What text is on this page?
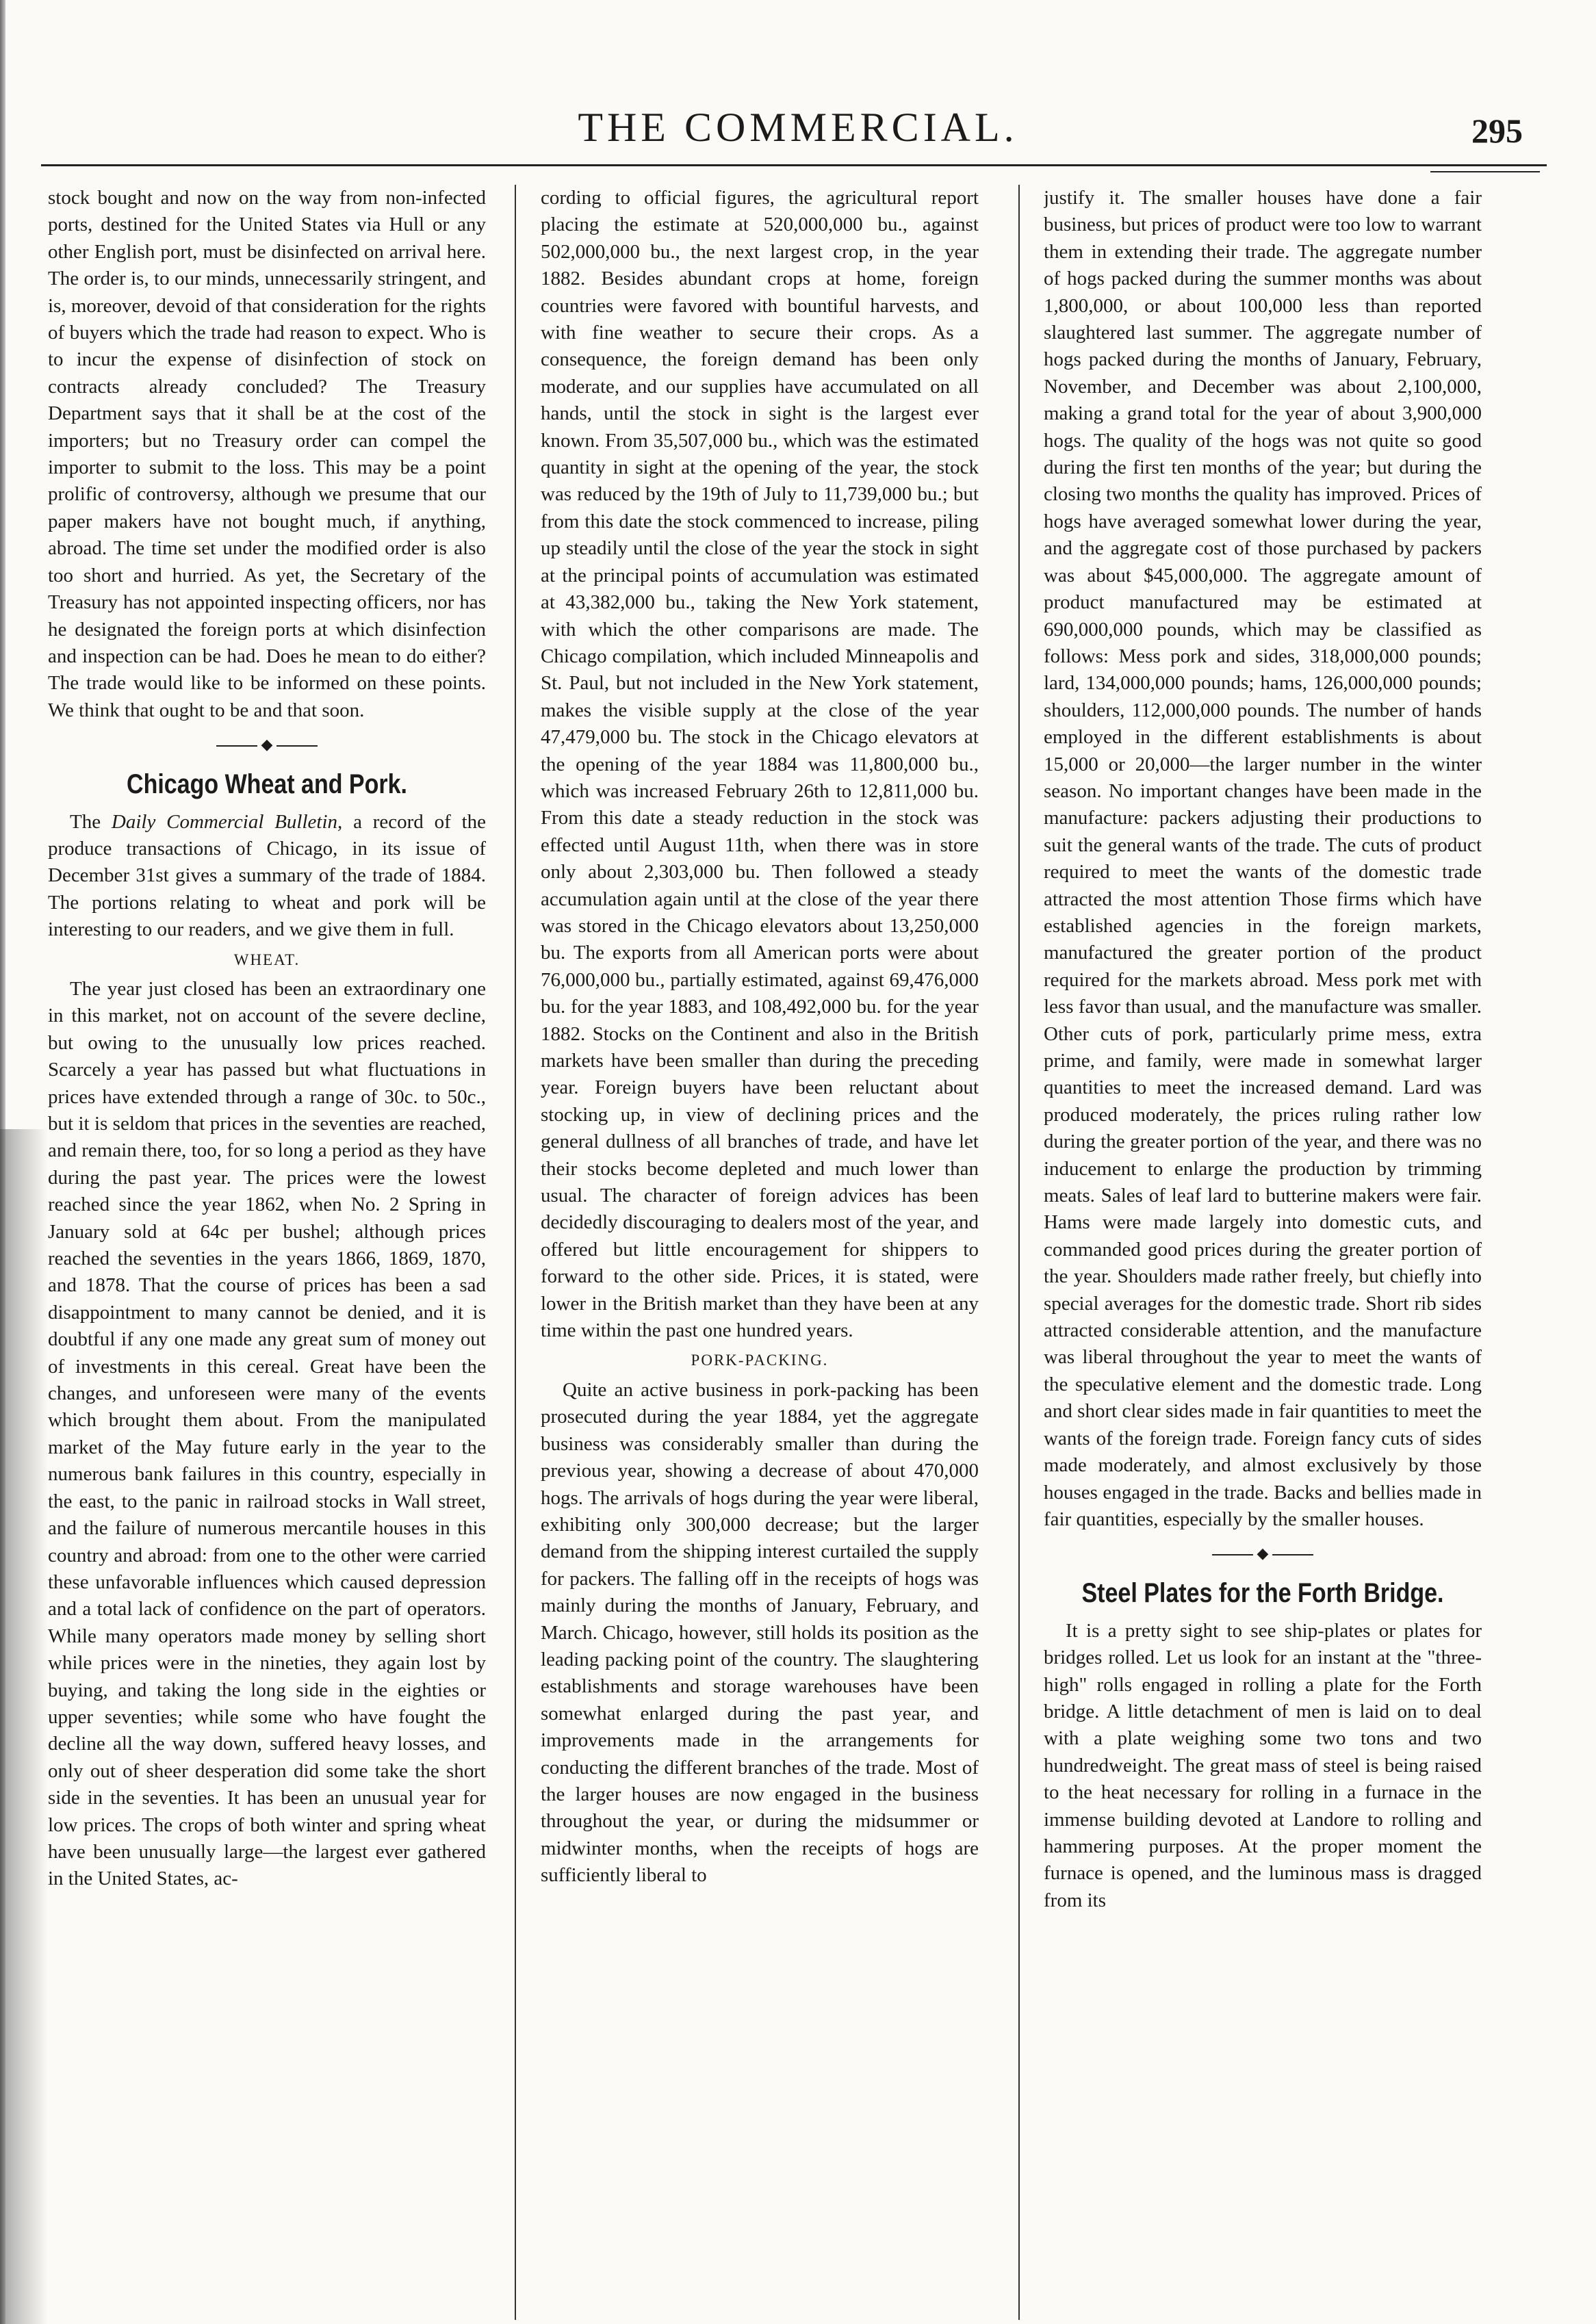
THE COMMERCIAL.	295

stock bought and now on the way from non-infected ports, destined for the United States via Hull or any other English port, must be disinfected on arrival here. The order is, to our minds, unnecessarily stringent, and is, moreover, devoid of that consideration for the rights of buyers which the trade had reason to expect. Who is to incur the expense of disinfection of stock on contracts already concluded? The Treasury Department says that it shall be at the cost of the importers; but no Treasury order can compel the importer to submit to the loss. This may be a point prolific of controversy, although we presume that our paper makers have not bought much, if anything, abroad. The time set under the modified order is also too short and hurried. As yet, the Secretary of the Treasury has not appointed inspecting officers, nor has he designated the foreign ports at which disinfection and inspection can be had. Does he mean to do either? The trade would like to be informed on these points. We think that ought to be and that soon.

◆
Chicago Wheat and Pork.

The Daily Commercial Bulletin, a record of the produce transactions of Chicago, in its issue of December 31st gives a summary of the trade of 1884. The portions relating to wheat and pork will be interesting to our readers, and we give them in full.

WHEAT.

The year just closed has been an extraordinary one in this market, not on account of the severe decline, but owing to the unusually low prices reached. Scarcely a year has passed but what fluctuations in prices have extended through a range of 30c. to 50c., but it is seldom that prices in the seventies are reached, and remain there, too, for so long a period as they have during the past year. The prices were the lowest reached since the year 1862, when No. 2 Spring in January sold at 64c per bushel; although prices reached the seventies in the years 1866, 1869, 1870, and 1878. That the course of prices has been a sad disappointment to many cannot be denied, and it is doubtful if any one made any great sum of money out of investments in this cereal. Great have been the changes, and unforeseen were many of the events which brought them about. From the manipulated market of the May future early in the year to the numerous bank failures in this country, especially in the east, to the panic in railroad stocks in Wall street, and the failure of numerous mercantile houses in this country and abroad: from one to the other were carried these unfavorable influences which caused depression and a total lack of confidence on the part of operators. While many operators made money by selling short while prices were in the nineties, they again lost by buying, and taking the long side in the eighties or upper seventies; while some who have fought the decline all the way down, suffered heavy losses, and only out of sheer desperation did some take the short side in the seventies. It has been an unusual year for low prices. The crops of both winter and spring wheat have been unusually large—the largest ever gathered in the United States, ac-

cording to official figures, the agricultural report placing the estimate at 520,000,000 bu., against 502,000,000 bu., the next largest crop, in the year 1882. Besides abundant crops at home, foreign countries were favored with bountiful harvests, and with fine weather to secure their crops. As a consequence, the foreign demand has been only moderate, and our supplies have accumulated on all hands, until the stock in sight is the largest ever known. From 35,507,000 bu., which was the estimated quantity in sight at the opening of the year, the stock was reduced by the 19th of July to 11,739,000 bu.; but from this date the stock commenced to increase, piling up steadily until the close of the year the stock in sight at the principal points of accumulation was estimated at 43,382,000 bu., taking the New York statement, with which the other comparisons are made. The Chicago compilation, which included Minneapolis and St. Paul, but not included in the New York statement, makes the visible supply at the close of the year 47,479,000 bu. The stock in the Chicago elevators at the opening of the year 1884 was 11,800,000 bu., which was increased February 26th to 12,811,000 bu. From this date a steady reduction in the stock was effected until August 11th, when there was in store only about 2,303,000 bu. Then followed a steady accumulation again until at the close of the year there was stored in the Chicago elevators about 13,250,000 bu. The exports from all American ports were about 76,000,000 bu., partially estimated, against 69,476,000 bu. for the year 1883, and 108,492,000 bu. for the year 1882. Stocks on the Continent and also in the British markets have been smaller than during the preceding year. Foreign buyers have been reluctant about stocking up, in view of declining prices and the general dullness of all branches of trade, and have let their stocks become depleted and much lower than usual. The character of foreign advices has been decidedly discouraging to dealers most of the year, and offered but little encouragement for shippers to forward to the other side. Prices, it is stated, were lower in the British market than they have been at any time within the past one hundred years.

PORK-PACKING.

Quite an active business in pork-packing has been prosecuted during the year 1884, yet the aggregate business was considerably smaller than during the previous year, showing a decrease of about 470,000 hogs. The arrivals of hogs during the year were liberal, exhibiting only 300,000 decrease; but the larger demand from the shipping interest curtailed the supply for packers. The falling off in the receipts of hogs was mainly during the months of January, February, and March. Chicago, however, still holds its position as the leading packing point of the country. The slaughtering establishments and storage warehouses have been somewhat enlarged during the past year, and improvements made in the arrangements for conducting the different branches of the trade. Most of the larger houses are now engaged in the business throughout the year, or during the midsummer or midwinter months, when the receipts of hogs are sufficiently liberal to

justify it. The smaller houses have done a fair business, but prices of product were too low to warrant them in extending their trade. The aggregate number of hogs packed during the summer months was about 1,800,000, or about 100,000 less than reported slaughtered last summer. The aggregate number of hogs packed during the months of January, February, November, and December was about 2,100,000, making a grand total for the year of about 3,900,000 hogs. The quality of the hogs was not quite so good during the first ten months of the year; but during the closing two months the quality has improved. Prices of hogs have averaged somewhat lower during the year, and the aggregate cost of those purchased by packers was about $45,000,000. The aggregate amount of product manufactured may be estimated at 690,000,000 pounds, which may be classified as follows: Mess pork and sides, 318,000,000 pounds; lard, 134,000,000 pounds; hams, 126,000,000 pounds; shoulders, 112,000,000 pounds. The number of hands employed in the different establishments is about 15,000 or 20,000—the larger number in the winter season. No important changes have been made in the manufacture: packers adjusting their productions to suit the general wants of the trade. The cuts of product required to meet the wants of the domestic trade attracted the most attention Those firms which have established agencies in the foreign markets, manufactured the greater portion of the product required for the markets abroad. Mess pork met with less favor than usual, and the manufacture was smaller. Other cuts of pork, particularly prime mess, extra prime, and family, were made in somewhat larger quantities to meet the increased demand. Lard was produced moderately, the prices ruling rather low during the greater portion of the year, and there was no inducement to enlarge the production by trimming meats. Sales of leaf lard to butterine makers were fair. Hams were made largely into domestic cuts, and commanded good prices during the greater portion of the year. Shoulders made rather freely, but chiefly into special averages for the domestic trade. Short rib sides attracted considerable attention, and the manufacture was liberal throughout the year to meet the wants of the speculative element and the domestic trade. Long and short clear sides made in fair quantities to meet the wants of the foreign trade. Foreign fancy cuts of sides made moderately, and almost exclusively by those houses engaged in the trade. Backs and bellies made in fair quantities, especially by the smaller houses.

◆
Steel Plates for the Forth Bridge.

It is a pretty sight to see ship-plates or plates for bridges rolled. Let us look for an instant at the "three-high" rolls engaged in rolling a plate for the Forth bridge. A little detachment of men is laid on to deal with a plate weighing some two tons and two hundredweight. The great mass of steel is being raised to the heat necessary for rolling in a furnace in the immense building devoted at Landore to rolling and hammering purposes. At the proper moment the furnace is opened, and the luminous mass is dragged from its
